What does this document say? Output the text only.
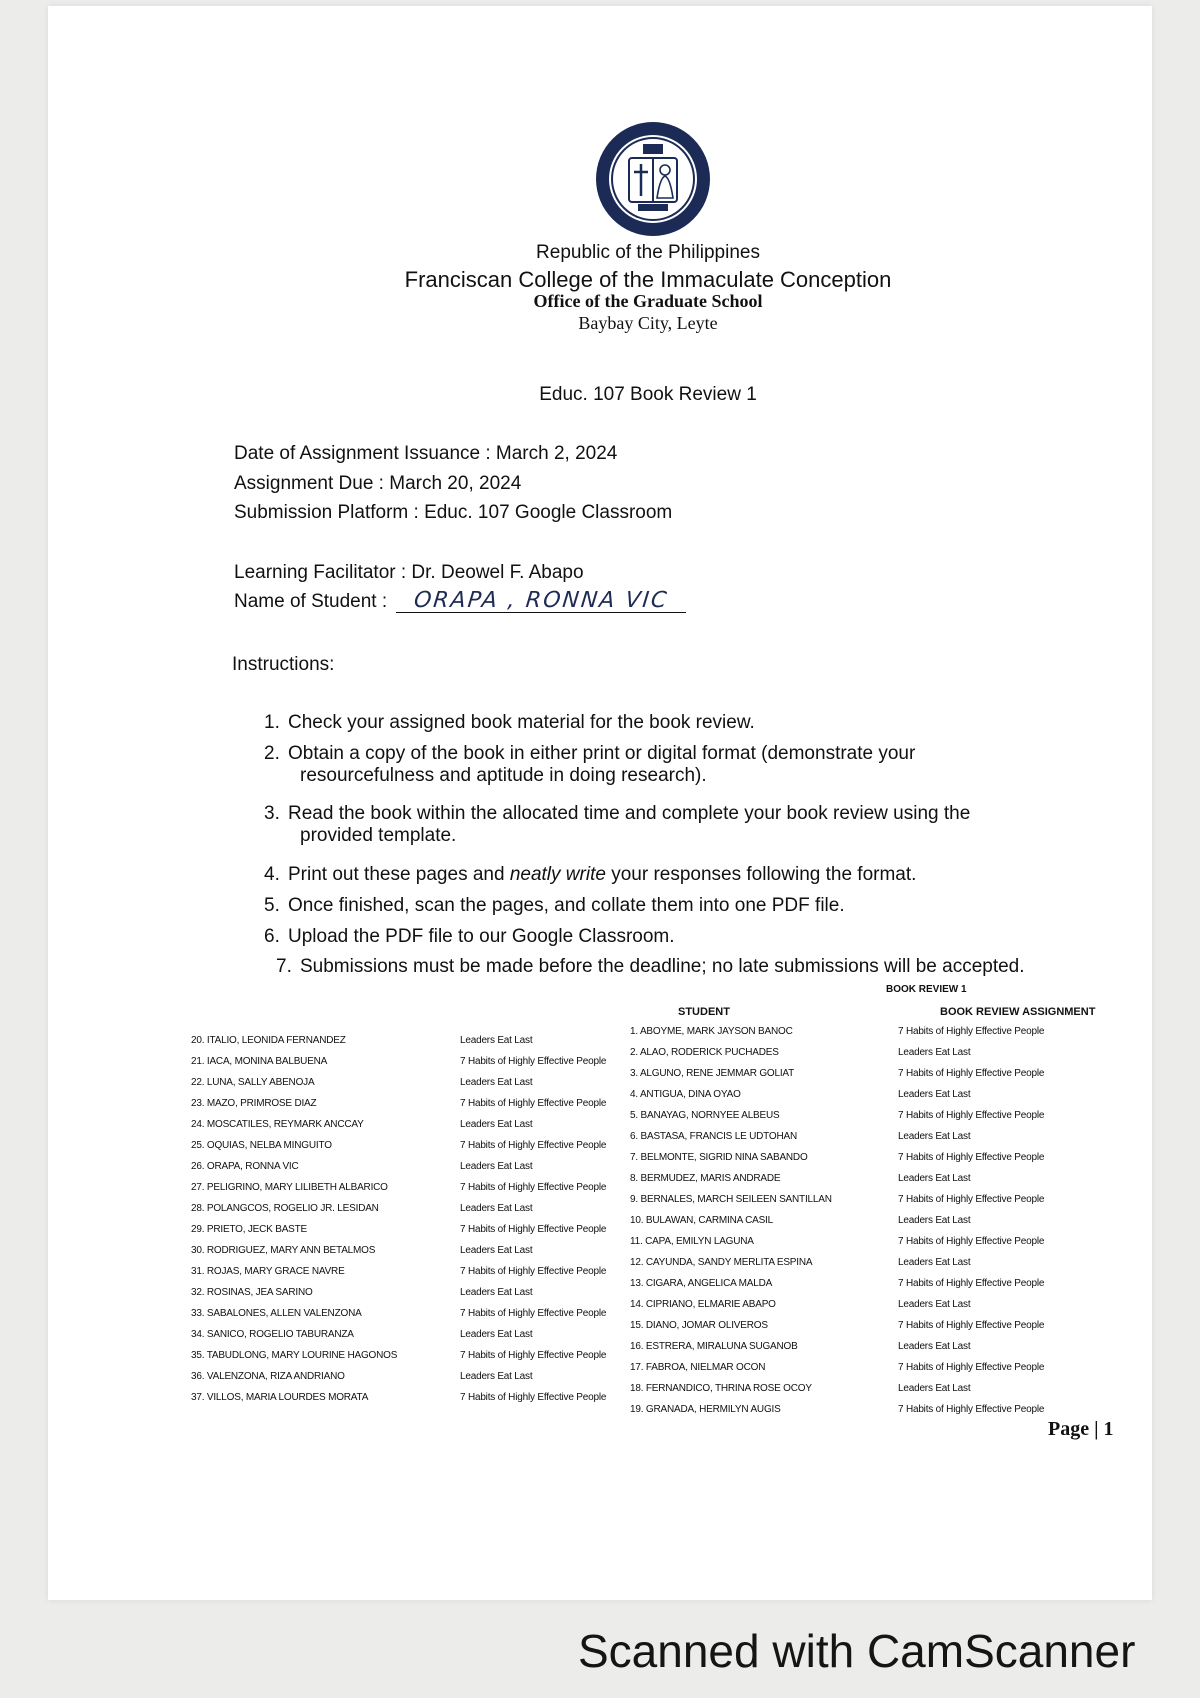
Republic of the Philippines
Franciscan College of the Immaculate Conception
Office of the Graduate School
Baybay City, Leyte
Educ. 107 Book Review 1
Date of Assignment Issuance : March 2, 2024
Assignment Due : March 20, 2024
Submission Platform : Educ. 107 Google Classroom
Learning Facilitator : Dr. Deowel F. Abapo
Name of Student : ORAPA , RONNA VIC
Instructions:
1. Check your assigned book material for the book review.
2. Obtain a copy of the book in either print or digital format (demonstrate your
resourcefulness and aptitude in doing research).
3. Read the book within the allocated time and complete your book review using the
provided template.
4. Print out these pages and neatly write your responses following the format.
5. Once finished, scan the pages, and collate them into one PDF file.
6. Upload the PDF file to our Google Classroom.
7. Submissions must be made before the deadline; no late submissions will be accepted.
BOOK REVIEW 1
STUDENT	BOOK REVIEW ASSIGNMENT
20. ITALIO, LEONIDA FERNANDEZ	Leaders Eat Last
21. IACA, MONINA BALBUENA	7 Habits of Highly Effective People
22. LUNA, SALLY ABENOJA	Leaders Eat Last
23. MAZO, PRIMROSE DIAZ	7 Habits of Highly Effective People
24. MOSCATILES, REYMARK ANCCAY	Leaders Eat Last
25. OQUIAS, NELBA MINGUITO	7 Habits of Highly Effective People
26. ORAPA, RONNA VIC	Leaders Eat Last
27. PELIGRINO, MARY LILIBETH ALBARICO	7 Habits of Highly Effective People
28. POLANGCOS, ROGELIO JR. LESIDAN	Leaders Eat Last
29. PRIETO, JECK BASTE	7 Habits of Highly Effective People
30. RODRIGUEZ, MARY ANN BETALMOS	Leaders Eat Last
31. ROJAS, MARY GRACE NAVRE	7 Habits of Highly Effective People
32. ROSINAS, JEA SARINO	Leaders Eat Last
33. SABALONES, ALLEN VALENZONA	7 Habits of Highly Effective People
34. SANICO, ROGELIO TABURANZA	Leaders Eat Last
35. TABUDLONG, MARY LOURINE HAGONOS	7 Habits of Highly Effective People
36. VALENZONA, RIZA ANDRIANO	Leaders Eat Last
37. VILLOS, MARIA LOURDES MORATA	7 Habits of Highly Effective People
1. ABOYME, MARK JAYSON BANOC	7 Habits of Highly Effective People
2. ALAO, RODERICK PUCHADES	Leaders Eat Last
3. ALGUNO, RENE JEMMAR GOLIAT	7 Habits of Highly Effective People
4. ANTIGUA, DINA OYAO	Leaders Eat Last
5. BANAYAG, NORNYEE ALBEUS	7 Habits of Highly Effective People
6. BASTASA, FRANCIS LE UDTOHAN	Leaders Eat Last
7. BELMONTE, SIGRID NINA SABANDO	7 Habits of Highly Effective People
8. BERMUDEZ, MARIS ANDRADE	Leaders Eat Last
9. BERNALES, MARCH SEILEEN SANTILLAN	7 Habits of Highly Effective People
10. BULAWAN, CARMINA CASIL	Leaders Eat Last
11. CAPA, EMILYN LAGUNA	7 Habits of Highly Effective People
12. CAYUNDA, SANDY MERLITA ESPINA	Leaders Eat Last
13. CIGARA, ANGELICA MALDA	7 Habits of Highly Effective People
14. CIPRIANO, ELMARIE ABAPO	Leaders Eat Last
15. DIANO, JOMAR OLIVEROS	7 Habits of Highly Effective People
16. ESTRERA, MIRALUNA SUGANOB	Leaders Eat Last
17. FABROA, NIELMAR OCON	7 Habits of Highly Effective People
18. FERNANDICO, THRINA ROSE OCOY	Leaders Eat Last
19. GRANADA, HERMILYN AUGIS	7 Habits of Highly Effective People
Page | 1
Scanned with CamScanner
